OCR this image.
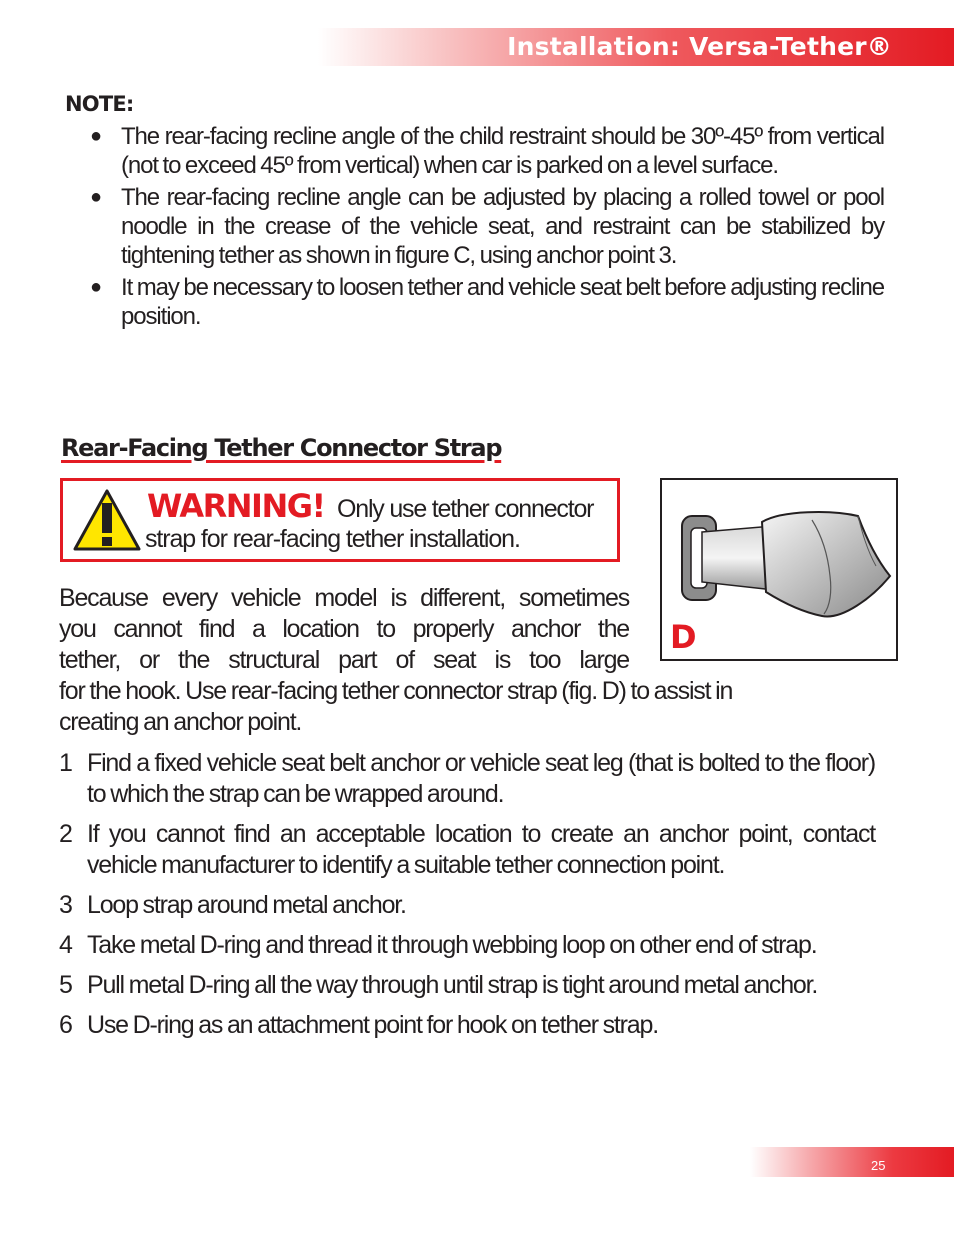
Installation: Versa-Tether®
NOTE:
● The rear-facing recline angle of the child restraint should be 30º-45º from vertical (not to exceed 45º from vertical) when car is parked on a level surface.
● The rear-facing recline angle can be adjusted by placing a rolled towel or pool noodle in the crease of the vehicle seat, and restraint can be stabilized by tightening tether as shown in figure C, using anchor point 3.
● It may be necessary to loosen tether and vehicle seat belt before adjusting recline position.
Rear-Facing Tether Connector Strap
WARNING! Only use tether connector
strap for rear-facing tether installation.
D
Because every vehicle model is different, sometimes
you cannot find a location to properly anchor the
tether, or the structural part of seat is too large
for the hook. Use rear-facing tether connector strap (fig. D) to assist in
creating an anchor point.
1 Find a fixed vehicle seat belt anchor or vehicle seat leg (that is bolted to the floor) to which the strap can be wrapped around.
2 If you cannot find an acceptable location to create an anchor point, contact vehicle manufacturer to identify a suitable tether connection point.
3 Loop strap around metal anchor.
4 Take metal D-ring and thread it through webbing loop on other end of strap.
5 Pull metal D-ring all the way through until strap is tight around metal anchor.
6 Use D-ring as an attachment point for hook on tether strap.
25
